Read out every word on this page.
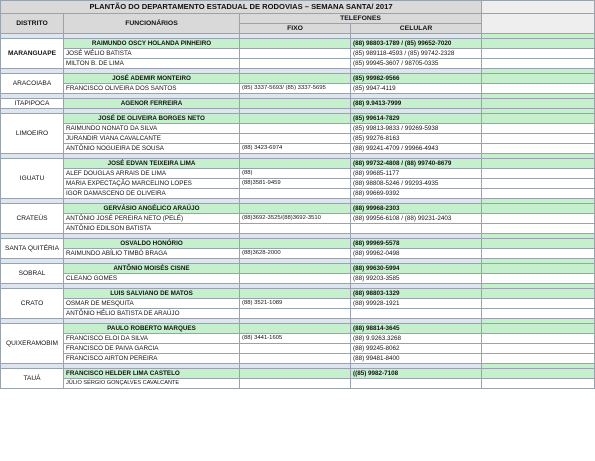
PLANTÃO DO DEPARTAMENTO ESTADUAL DE RODOVIAS – SEMANA SANTA/ 2017				
DISTRITO	FUNCIONÁRIOS	TELEFONES		
		FIXO	CELULAR	

MARANGUAPE	RAIMUNDO OSCY HOLANDA PINHEIRO		(88) 98803-1789 / (85) 99652-7020	
	JOSÉ WÉLIO BATISTA		(85) 989118-4593 / (85) 99742-2328	
	MILTON B. DE LIMA		(85) 99945-3607 / 98705-0335	

ARACOIABA	JOSÉ ADEMIR MONTEIRO		(85) 99982-9566	
	FRANCISCO OLIVEIRA DOS SANTOS	(85) 3337-5693/ (85) 3337-5695	(85) 9947-4119	

ITAPIPOCA	AGENOR FERREIRA		(88) 9.9413-7999	

LIMOEIRO	JOSÉ DE OLIVEIRA BORGES NETO		(85) 99614-7829	
	RAIMUNDO NONATO DA SILVA		(85) 99813-9833 / 99269-5938	
	JURANDIR VIANA CAVALCANTE		(85) 99276-8163	
	ANTÔNIO NOGUEIRA DE SOUSA	(88) 3423-6974	(88) 99241-4709 / 99966-4943	

IGUATU	JOSÉ EDVAN TEIXEIRA LIMA		(88) 99732-4808 / (88) 99740-8679	
	ALEF DOUGLAS ARRAIS DE LIMA	(88)	(88) 99685-1177	
	MARIA EXPECTAÇÃO MARCELINO LOPES	(88)3581-9459	(88) 98808-5246 / 99293-4935	
	IGOR DAMASCENO DE OLIVEIRA		(88) 99669-9392	

CRATEÚS	GERVÁSIO ANGÉLICO ARAÚJO		(88) 99968-2303	
	ANTÔNIO JOSÉ PEREIRA NETO (PELÉ)	(88)3692-3525/(88)3692-3510	(88) 99956-6108 / (88) 99231-2403	
	ANTÔNIO EDILSON BATISTA			

SANTA QUITÉRIA	OSVALDO HONÓRIO		(88) 99969-5578	
	RAIMUNDO ABÍLIO TIMBÓ BRAGA	(88)3628-2000	(88) 99962-0498	

SOBRAL	ANTÔNIO MOISÉS CISNE		(88) 99630-5994	
	CLEANO GOMES		(88) 99203-3585	

CRATO	LUIS SALVIANO DE MATOS		(88) 98803-1329	
	OSMAR DE MESQUITA	(88) 3521-1089	(88) 99928-1921	
	ANTÔNIO HÉLIO BATISTA DE ARAÚJO			

QUIXERAMOBIM	PAULO ROBERTO MARQUES		(88) 98814-3645	
	FRANCISCO ELOI DA SILVA	(88) 3441-1605	(88) 9.9263.3268	
	FRANCISCO DE PAIVA GARCIA		(88) 99245-8062	
	FRANCISCO AIRTON PEREIRA		(88) 99481-8400	

TAUÁ	FRANCISCO HELDER LIMA CASTELO		((85) 9982-7108	
	JÚLIO SÉRGIO GONÇALVES CAVALCANTE			
